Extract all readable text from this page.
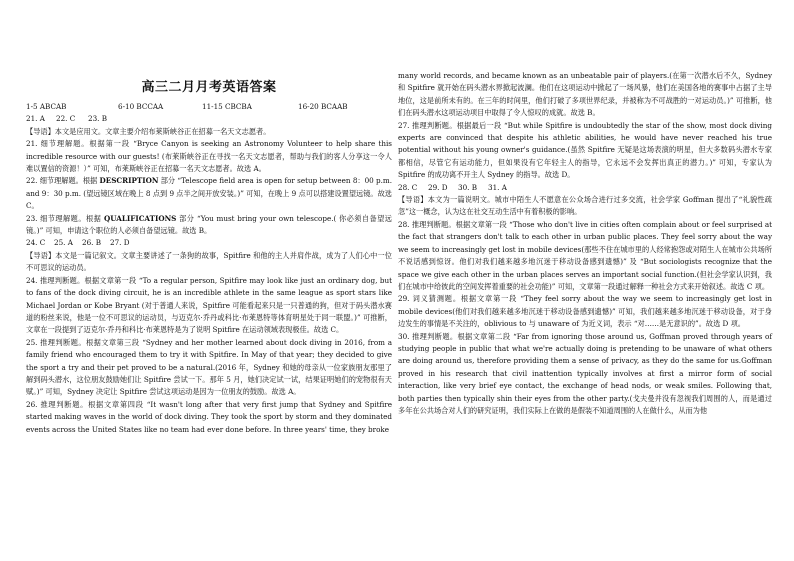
高三二月月考英语答案
1-5 ABCAB	6-10 BCCAA	11-15 CBCBA	16-20 BCAAB
21. A 22. C 23. B

【导语】本文是应用文。文章主要介绍布莱斯峡谷正在招募一名天文志愿者。

21. 细节理解题。根据第一段 “Bryce Canyon is seeking an Astronomy Volunteer to help share this incredible resource with our guests! (布莱斯峡谷正在寻找一名天文志愿者，帮助与我们的客人分享这一令人难以置信的资源！）” 可知，布莱斯峡谷正在招募一名天文志愿者。故选 A。

22. 细节理解题。根据 DESCRIPTION 部分 “Telescope field area is open for setup between 8：00 p.m. and 9：30 p.m. (望远镜区域在晚上 8 点到 9 点半之间开放安装。)” 可知，在晚上 9 点可以搭建设置望远镜。故选 C。

23. 细节理解题。根据 QUALIFICATIONS 部分 “You must bring your own telescope.( 你必须自备望远镜。)” 可知，申请这个职位的人必须自备望远镜。故选 B。

24. C 25. A 26. B 27. D

【导语】本文是一篇记叙文。文章主要讲述了一条狗的故事，Spitfire 和他的主人并肩作战，成为了人们心中一位不可思议的运动员。

24. 推理判断题。根据文章第一段 “To a regular person, Spitfire may look like just an ordinary dog, but to fans of the dock diving circuit, he is an incredible athlete in the same league as sport stars like Michael Jordan or Kobe Bryant (对于普通人来说，Spitfire 可能看起来只是一只普通的狗，但对于码头潜水赛道的粉丝来说，他是一位不可思议的运动员，与迈克尔·乔丹或科比·布莱恩特等体育明星处于同一联盟。)” 可推断，文章在一段提到了迈克尔·乔丹和科比·布莱恩特是为了说明 Spitfire 在运动领域表现极佳。故选 C。

25. 推理判断题。根据文章第三段 “Sydney and her mother learned about dock diving in 2016, from a family friend who encouraged them to try it with Spitfire. In May of that year; they decided to give the sport a try and their pet proved to be a natural.(2016 年，Sydney 和她的母亲从一位家族朋友那里了解到码头潜水，这位朋友鼓励她们让 Spitfire 尝试一下。那年 5 月，她们决定试一试，结果证明她们的宠物很有天赋。)” 可知，Sydney 决定让 Spitfire 尝试这项运动是因为一位朋友的鼓励。故选 A。

26. 推理判断题。根据文章第四段 “It wasn't long after that very first jump that Sydney and Spitfire started making waves in the world of dock diving. They took the sport by storm and they dominated events across the United States like no team had ever done before. In three years' time, they broke

many world records, and became known as an unbeatable pair of players.(在第一次潜水后不久，Sydney 和 Spitfire 就开始在码头潜水界掀起波澜。他们在这项运动中掀起了一场风暴，他们在美国各地的赛事中占据了主导地位，这是前所未有的。在三年的时间里，他们打破了多项世界纪录，并被称为不可战胜的一对运动员。)” 可推断，他们在码头潜水这项运动项目中取得了令人惊叹的成就。故选 B。

27. 推理判断题。根据最后一段 “But while Spitfire is undoubtedly the star of the show, most dock diving experts are convinced that despite his athletic abilities, he would have never reached his true potential without his young owner's guidance.(虽然 Spitfire 无疑是这场表演的明星，但大多数码头潜水专家都相信，尽管它有运动能力，但如果没有它年轻主人的指导，它永远不会发挥出真正的潜力。)” 可知，专家认为 Spitfire 的成功离不开主人 Sydney 的指导。故选 D。

28. C 29. D 30. B 31. A

【导语】本文为一篇说明文。城市中陌生人不愿意在公众场合进行过多交流，社会学家 Goffman 提出了“礼貌性疏忽”这一概念，认为这在社交互动生活中有着积极的影响。

28. 推理判断题。根据文章第一段 “Those who don't live in cities often complain about or feel surprised at the fact that strangers don't talk to each other in urban public places. They feel sorry about the way we seem to increasingly get lost in mobile devices(那些不住在城市里的人经常抱怨或对陌生人在城市公共场所不说话感到惊讶。他们对我们越来越多地沉迷于移动设备感到遗憾)” 及 “But sociologists recognize that the space we give each other in the urban places serves an important social function.(但社会学家认识到，我们在城市中给彼此的空间发挥着重要的社会功能)” 可知，文章第一段通过解释一种社会方式来开始叙述。故选 C 项。

29. 词义猜测题。根据文章第一段 “They feel sorry about the way we seem to increasingly get lost in mobile devices(他们对我们越来越多地沉迷于移动设备感到遗憾)” 可知，我们越来越多地沉迷于移动设备，对于身边发生的事情是不关注的，oblivious to 与 unaware of 为近义词，表示 “对……是无意识的”。故选 D 项。

30. 推理判断题。根据文章第二段 “Far from ignoring those around us, Goffman proved through years of studying people in public that what we're actually doing is pretending to be unaware of what others are doing around us, therefore providing them a sense of privacy, as they do the same for us.Goffman proved in his research that civil inattention typically involves at first a mirror form of social interaction, like very brief eye contact, the exchange of head nods, or weak smiles. Following that, both parties then typically shin their eyes from the other party.(戈夫曼并没有忽视我们周围的人，而是通过多年在公共场合对人们的研究证明，我们实际上在做的是假装不知道周围的人在做什么，从而为他
